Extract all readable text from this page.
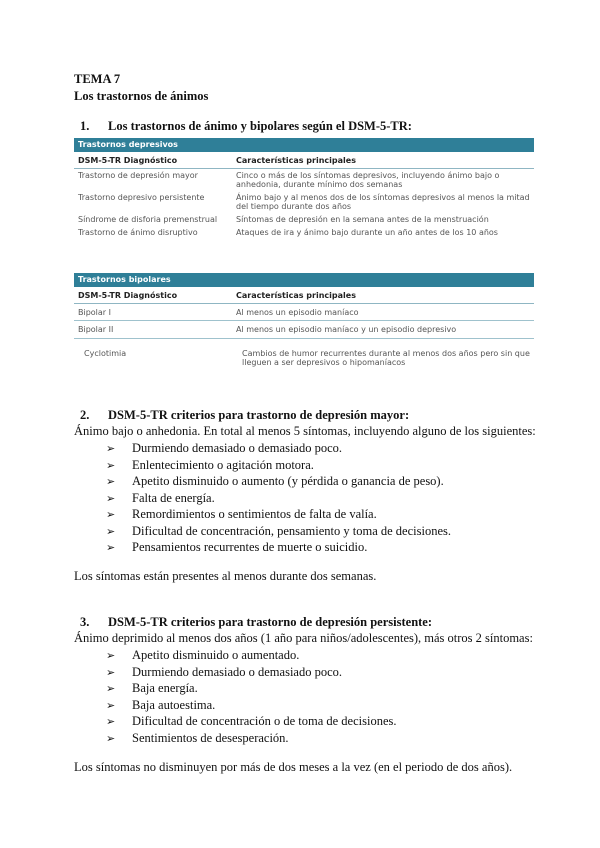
TEMA 7
Los trastornos de ánimos
1. Los trastornos de ánimo y bipolares según el DSM-5-TR:
Trastornos depresivos
DSM-5-TR Diagnóstico	Características principales
Trastorno de depresión mayor	Cinco o más de los síntomas depresivos, incluyendo ánimo bajo o anhedonia, durante mínimo dos semanas
Trastorno depresivo persistente	Ánimo bajo y al menos dos de los síntomas depresivos al menos la mitad del tiempo durante dos años
Síndrome de disforia premenstrual	Síntomas de depresión en la semana antes de la menstruación
Trastorno de ánimo disruptivo	Ataques de ira y ánimo bajo durante un año antes de los 10 años
Trastornos bipolares
DSM-5-TR Diagnóstico	Características principales
Bipolar I	Al menos un episodio maníaco
Bipolar II	Al menos un episodio maníaco y un episodio depresivo
Cyclotimia	Cambios de humor recurrentes durante al menos dos años pero sin que lleguen a ser depresivos o hipomaníacos
2. DSM-5-TR criterios para trastorno de depresión mayor:
Ánimo bajo o anhedonia. En total al menos 5 síntomas, incluyendo alguno de los siguientes:
➢ Durmiendo demasiado o demasiado poco.
➢ Enlentecimiento o agitación motora.
➢ Apetito disminuido o aumento (y pérdida o ganancia de peso).
➢ Falta de energía.
➢ Remordimientos o sentimientos de falta de valía.
➢ Dificultad de concentración, pensamiento y toma de decisiones.
➢ Pensamientos recurrentes de muerte o suicidio.
Los síntomas están presentes al menos durante dos semanas.
3. DSM-5-TR criterios para trastorno de depresión persistente:
Ánimo deprimido al menos dos años (1 año para niños/adolescentes), más otros 2 síntomas:
➢ Apetito disminuido o aumentado.
➢ Durmiendo demasiado o demasiado poco.
➢ Baja energía.
➢ Baja autoestima.
➢ Dificultad de concentración o de toma de decisiones.
➢ Sentimientos de desesperación.
Los síntomas no disminuyen por más de dos meses a la vez (en el periodo de dos años).
